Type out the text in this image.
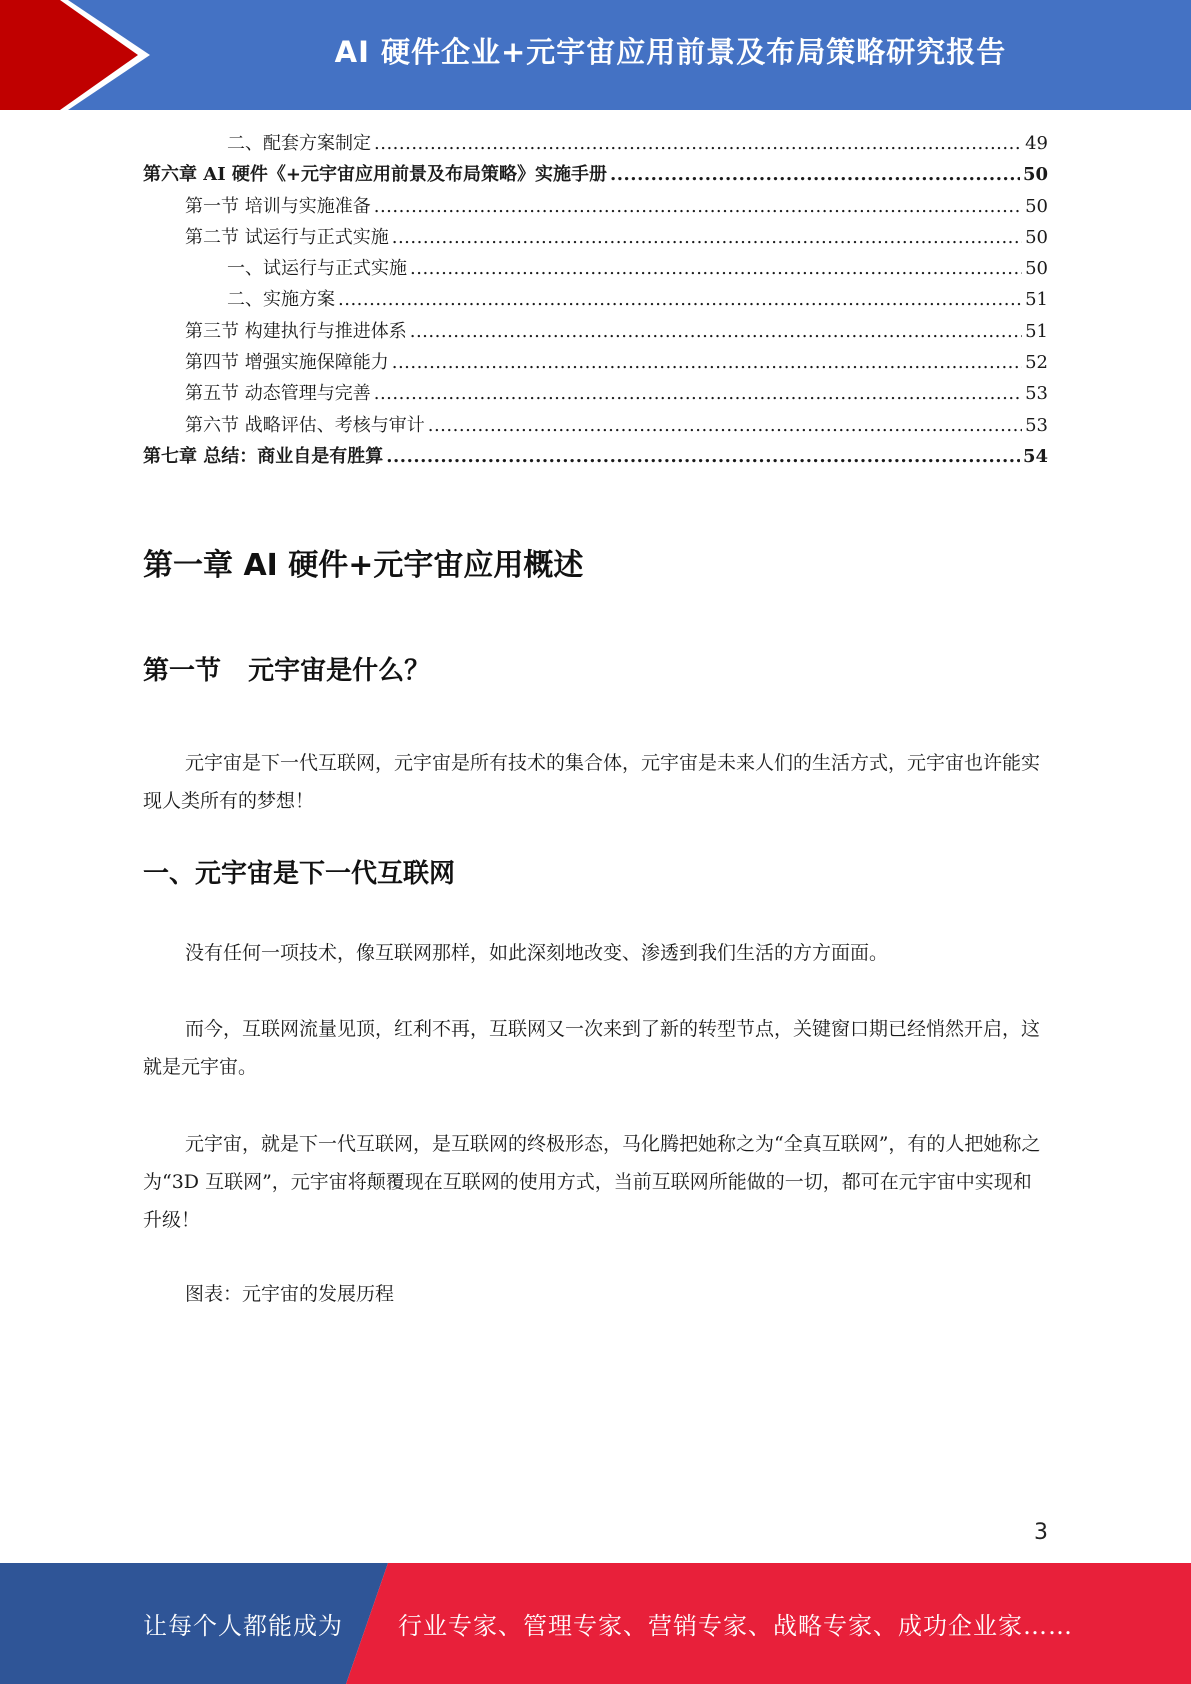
AI 硬件企业+元宇宙应用前景及布局策略研究报告
二、配套方案制定 .....	49
第六章 AI 硬件《+元宇宙应用前景及布局策略》实施手册 .....	50
第一节 培训与实施准备 .....	50
第二节 试运行与正式实施 .....	50
一、试运行与正式实施 .....	50
二、实施方案 .....	51
第三节 构建执行与推进体系 .....	51
第四节 增强实施保障能力 .....	52
第五节 动态管理与完善 .....	53
第六节 战略评估、考核与审计 .....	53
第七章 总结：商业自是有胜算 .....	54
第一章 AI 硬件+元宇宙应用概述
第一节   元宇宙是什么？

元宇宙是下一代互联网，元宇宙是所有技术的集合体，元宇宙是未来人们的生活方式，元宇宙也许能实现人类所有的梦想！

一、元宇宙是下一代互联网

没有任何一项技术，像互联网那样，如此深刻地改变、渗透到我们生活的方方面面。

而今，互联网流量见顶，红利不再，互联网又一次来到了新的转型节点，关键窗口期已经悄然开启，这就是元宇宙。

元宇宙，就是下一代互联网，是互联网的终极形态，马化腾把她称之为“全真互联网”，有的人把她称之为“3D 互联网”，元宇宙将颠覆现在互联网的使用方式，当前互联网所能做的一切，都可在元宇宙中实现和升级！

图表：元宇宙的发展历程

3
让每个人都能成为 行业专家、管理专家、营销专家、战略专家、成功企业家……
